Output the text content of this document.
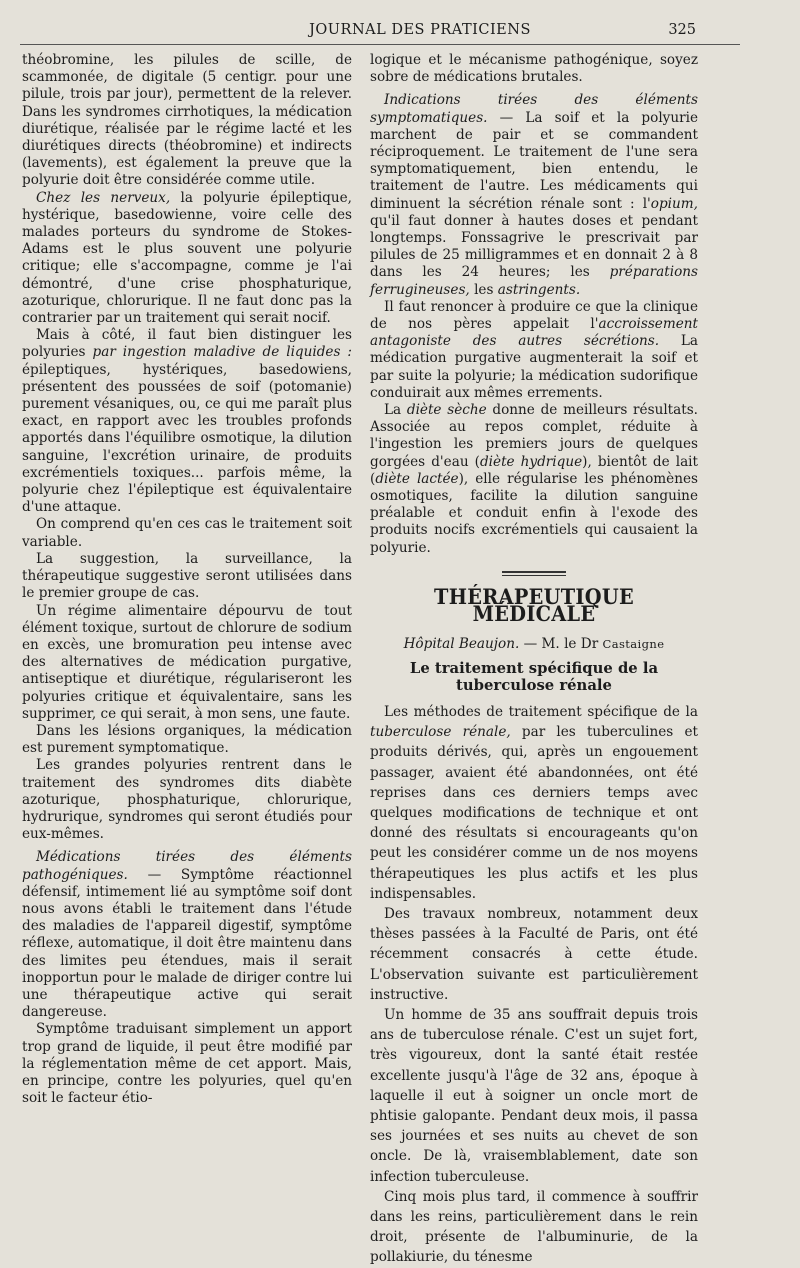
JOURNAL DES PRATICIENS	325

théobromine, les pilules de scille, de scammonée, de digitale (5 centigr. pour une pilule, trois par jour), permettent de la relever. Dans les syndromes cirrhotiques, la médication diurétique, réalisée par le régime lacté et les diurétiques directs (théobromine) et indirects (lavements), est également la preuve que la polyurie doit être considérée comme utile.

Chez les nerveux, la polyurie épileptique, hystérique, basedowienne, voire celle des malades porteurs du syndrome de Stokes-Adams est le plus souvent une polyurie critique; elle s'accompagne, comme je l'ai démontré, d'une crise phosphaturique, azoturique, chlorurique. Il ne faut donc pas la contrarier par un traitement qui serait nocif.

Mais à côté, il faut bien distinguer les polyuries par ingestion maladive de liquides : épileptiques, hystériques, basedowiens, présentent des poussées de soif (potomanie) purement vésaniques, ou, ce qui me paraît plus exact, en rapport avec les troubles profonds apportés dans l'équilibre osmotique, la dilution sanguine, l'excrétion urinaire, de produits excrémentiels toxiques... parfois même, la polyurie chez l'épileptique est équivalentaire d'une attaque.

On comprend qu'en ces cas le traitement soit variable.

La suggestion, la surveillance, la thérapeutique suggestive seront utilisées dans le premier groupe de cas.

Un régime alimentaire dépourvu de tout élément toxique, surtout de chlorure de sodium en excès, une bromuration peu intense avec des alternatives de médication purgative, antiseptique et diurétique, régulariseront les polyuries critique et équivalentaire, sans les supprimer, ce qui serait, à mon sens, une faute.

Dans les lésions organiques, la médication est purement symptomatique.

Les grandes polyuries rentrent dans le traitement des syndromes dits diabète azoturique, phosphaturique, chlorurique, hydrurique, syndromes qui seront étudiés pour eux-mêmes.

Médications tirées des éléments pathogéniques. — Symptôme réactionnel défensif, intimement lié au symptôme soif dont nous avons établi le traitement dans l'étude des maladies de l'appareil digestif, symptôme réflexe, automatique, il doit être maintenu dans des limites peu étendues, mais il serait inopportun pour le malade de diriger contre lui une thérapeutique active qui serait dangereuse.

Symptôme traduisant simplement un apport trop grand de liquide, il peut être modifié par la réglementation même de cet apport. Mais, en principe, contre les polyuries, quel qu'en soit le facteur étio-

logique et le mécanisme pathogénique, soyez sobre de médications brutales.

Indications tirées des éléments symptomatiques. — La soif et la polyurie marchent de pair et se commandent réciproquement. Le traitement de l'une sera symptomatiquement, bien entendu, le traitement de l'autre. Les médicaments qui diminuent la sécrétion rénale sont : l'opium, qu'il faut donner à hautes doses et pendant longtemps. Fonssagrive le prescrivait par pilules de 25 milligrammes et en donnait 2 à 8 dans les 24 heures; les préparations ferrugineuses, les astringents.

Il faut renoncer à produire ce que la clinique de nos pères appelait l'accroissement antagoniste des autres sécrétions. La médication purgative augmenterait la soif et par suite la polyurie; la médication sudorifique conduirait aux mêmes errements.

La diète sèche donne de meilleurs résultats. Associée au repos complet, réduite à l'ingestion les premiers jours de quelques gorgées d'eau (diète hydrique), bientôt de lait (diète lactée), elle régularise les phénomènes osmotiques, facilite la dilution sanguine préalable et conduit enfin à l'exode des produits nocifs excrémentiels qui causaient la polyurie.

THÉRAPEUTIQUE MÉDICALE
Hôpital Beaujon. — M. le Dr Castaigne
Le traitement spécifique de la tuberculose rénale

Les méthodes de traitement spécifique de la tuberculose rénale, par les tuberculines et produits dérivés, qui, après un engouement passager, avaient été abandonnées, ont été reprises dans ces derniers temps avec quelques modifications de technique et ont donné des résultats si encourageants qu'on peut les considérer comme un de nos moyens thérapeutiques les plus actifs et les plus indispensables.

Des travaux nombreux, notamment deux thèses passées à la Faculté de Paris, ont été récemment consacrés à cette étude. L'observation suivante est particulièrement instructive.

Un homme de 35 ans souffrait depuis trois ans de tuberculose rénale. C'est un sujet fort, très vigoureux, dont la santé était restée excellente jusqu'à l'âge de 32 ans, époque à laquelle il eut à soigner un oncle mort de phtisie galopante. Pendant deux mois, il passa ses journées et ses nuits au chevet de son oncle. De là, vraisemblablement, date son infection tuberculeuse.

Cinq mois plus tard, il commence à souffrir dans les reins, particulièrement dans le rein droit, présente de l'albuminurie, de la pollakiurie, du ténesme
